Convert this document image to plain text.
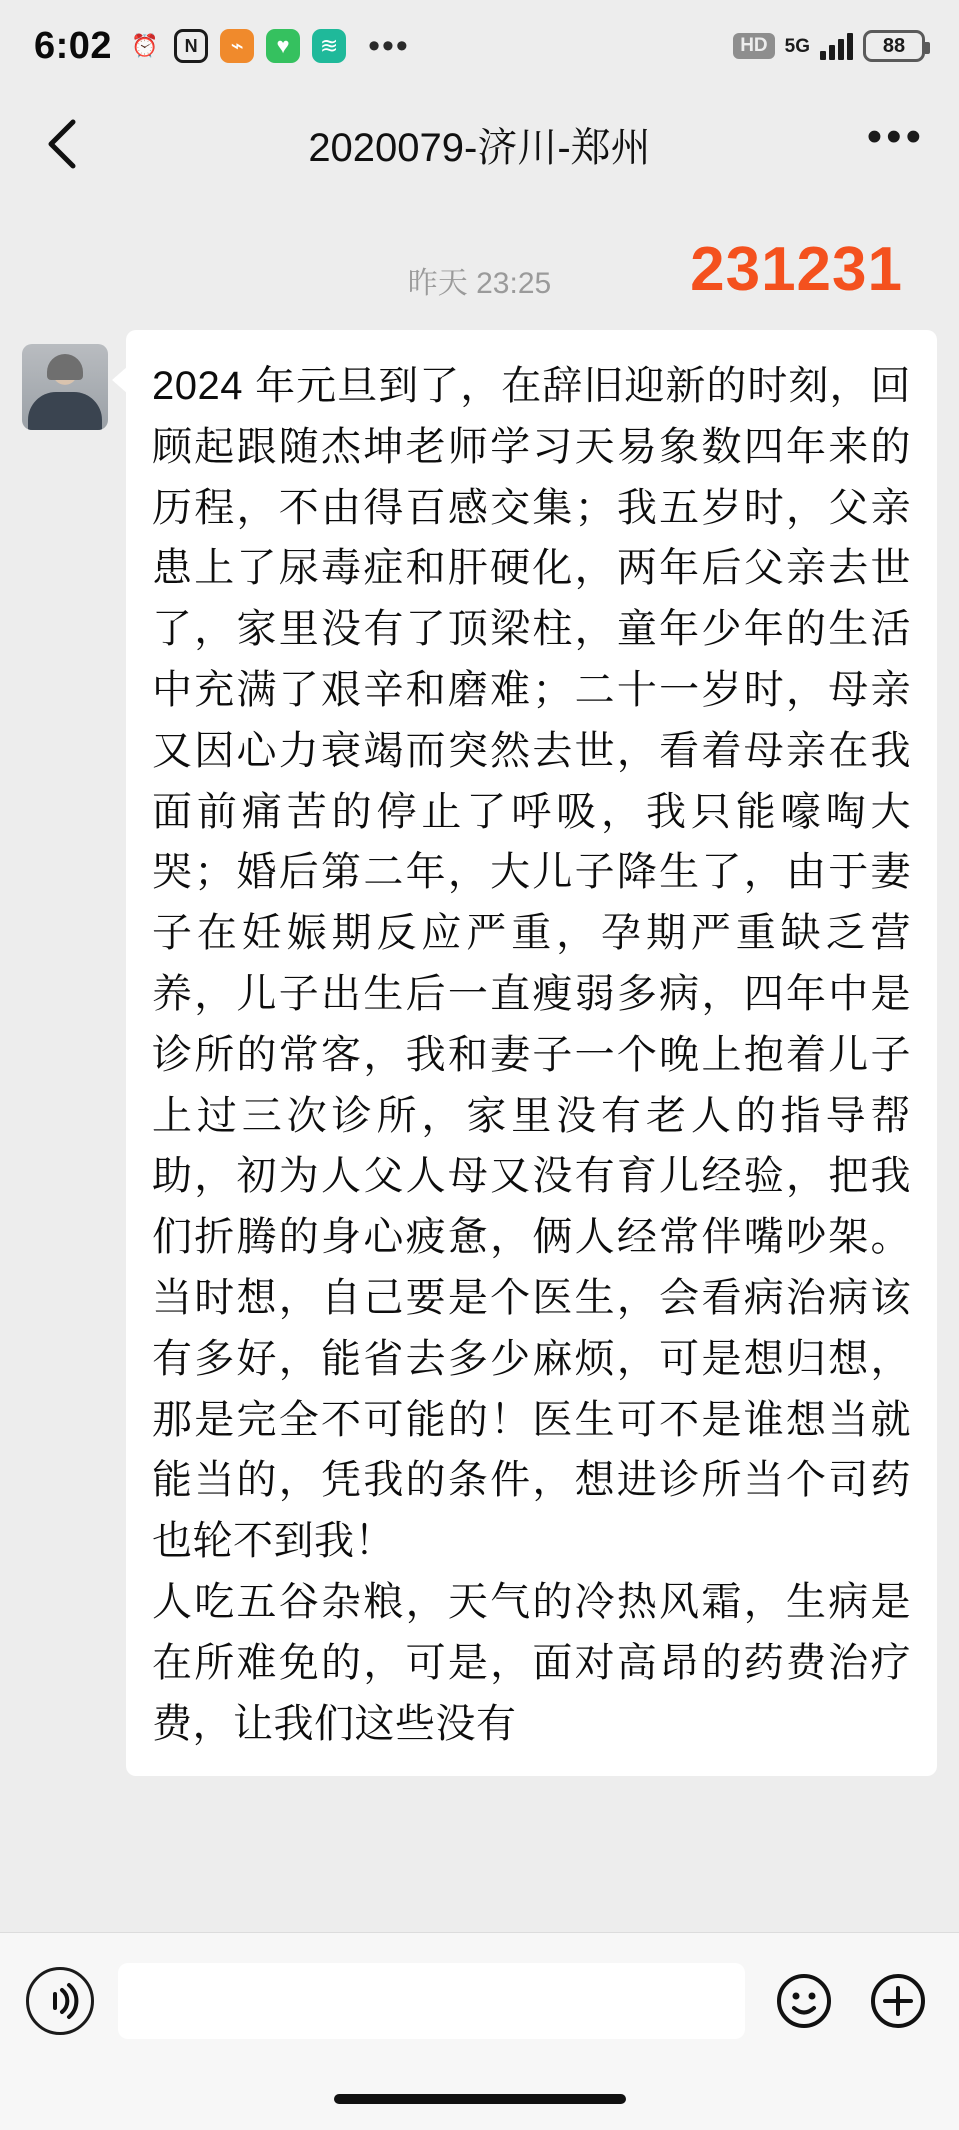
6:02 ⏰	N	⌁	♥	≋ •••	HD 5G	88
2020079-济川-郑州	•••
昨天 23:25 231231

2024 年元旦到了，在辞旧迎新的时刻，回顾起跟随杰坤老师学习天易象数四年来的历程，不由得百感交集；我五岁时，父亲患上了尿毒症和肝硬化，两年后父亲去世了，家里没有了顶梁柱，童年少年的生活中充满了艰辛和磨难；二十一岁时，母亲又因心力衰竭而突然去世，看着母亲在我面前痛苦的停止了呼吸，我只能嚎啕大哭；婚后第二年，大儿子降生了，由于妻子在妊娠期反应严重，孕期严重缺乏营养，儿子出生后一直瘦弱多病，四年中是诊所的常客，我和妻子一个晚上抱着儿子上过三次诊所，家里没有老人的指导帮助，初为人父人母又没有育儿经验，把我们折腾的身心疲惫，俩人经常伴嘴吵架。当时想，自己要是个医生，会看病治病该有多好，能省去多少麻烦，可是想归想，那是完全不可能的！医生可不是谁想当就能当的，凭我的条件，想进诊所当个司药也轮不到我！

人吃五谷杂粮，天气的冷热风霜，生病是在所难免的，可是，面对高昂的药费治疗费，让我们这些没有
